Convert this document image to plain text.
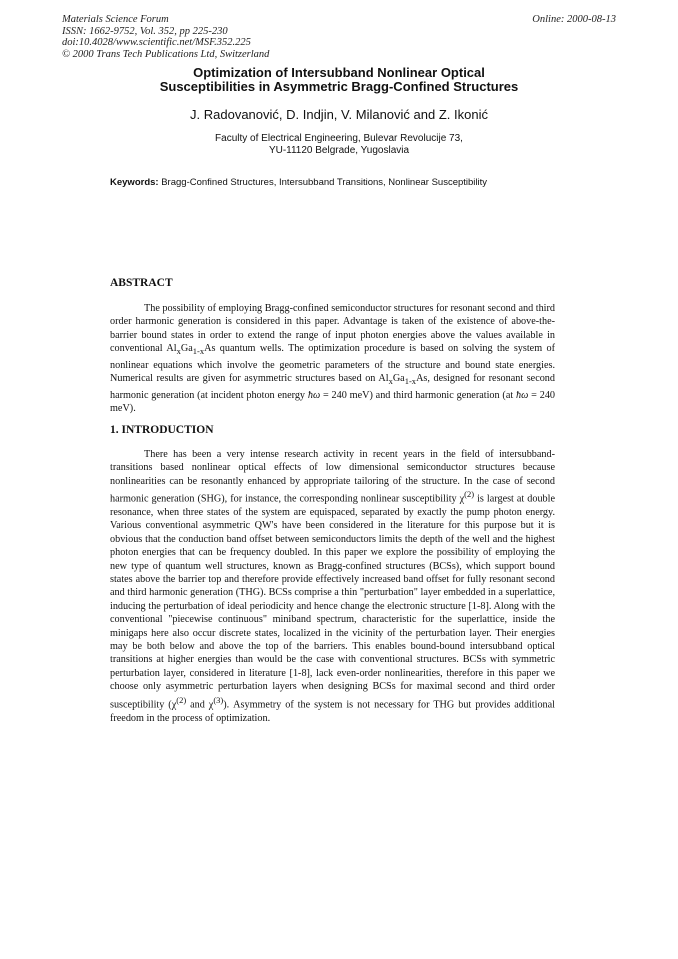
Materials Science Forum
ISSN: 1662-9752, Vol. 352, pp 225-230
doi:10.4028/www.scientific.net/MSF.352.225
© 2000 Trans Tech Publications Ltd, Switzerland
Online: 2000-08-13
Optimization of Intersubband Nonlinear Optical
Susceptibilities in Asymmetric Bragg-Confined Structures
J. Radovanović, D. Indjin, V. Milanović and Z. Ikonić
Faculty of Electrical Engineering, Bulevar Revolucije 73,
YU-11120 Belgrade, Yugoslavia
Keywords: Bragg-Confined Structures, Intersubband Transitions, Nonlinear Susceptibility
ABSTRACT
The possibility of employing Bragg-confined semiconductor structures for resonant second and third order harmonic generation is considered in this paper. Advantage is taken of the existence of above-the-barrier bound states in order to extend the range of input photon energies above the values available in conventional $Al_xGa_{1-x}As$ quantum wells. The optimization procedure is based on solving the system of nonlinear equations which involve the geometric parameters of the structure and bound state energies. Numerical results are given for asymmetric structures based on $Al_xGa_{1-x}As$, designed for resonant second harmonic generation (at incident photon energy ħω = 240 meV) and third harmonic generation (at ħω = 240 meV).
1. INTRODUCTION
There has been a very intense research activity in recent years in the field of intersubband-transitions based nonlinear optical effects of low dimensional semiconductor structures because nonlinearities can be resonantly enhanced by appropriate tailoring of the structure. In the case of second harmonic generation (SHG), for instance, the corresponding nonlinear susceptibility $\chi^{(2)}$ is largest at double resonance, when three states of the system are equispaced, separated by exactly the pump photon energy. Various conventional asymmetric QW's have been considered in the literature for this purpose but it is obvious that the conduction band offset between semiconductors limits the depth of the well and the highest photon energies that can be frequency doubled. In this paper we explore the possibility of employing the new type of quantum well structures, known as Bragg-confined structures (BCSs), which support bound states above the barrier top and therefore provide effectively increased band offset for fully resonant second and third harmonic generation (THG). BCSs comprise a thin "perturbation" layer embedded in a superlattice, inducing the perturbation of ideal periodicity and hence change the electronic structure [1-8]. Along with the conventional "piecewise continuous" miniband spectrum, characteristic for the superlattice, inside the minigaps here also occur discrete states, localized in the vicinity of the perturbation layer. Their energies may be both below and above the top of the barriers. This enables bound-bound intersubband optical transitions at higher energies than would be the case with conventional structures. BCSs with symmetric perturbation layer, considered in literature [1-8], lack even-order nonlinearities, therefore in this paper we choose only asymmetric perturbation layers when designing BCSs for maximal second and third order susceptibility ($\chi^{(2)}$ and $\chi^{(3)}$). Asymmetry of the system is not necessary for THG but provides additional freedom in the process of optimization.
